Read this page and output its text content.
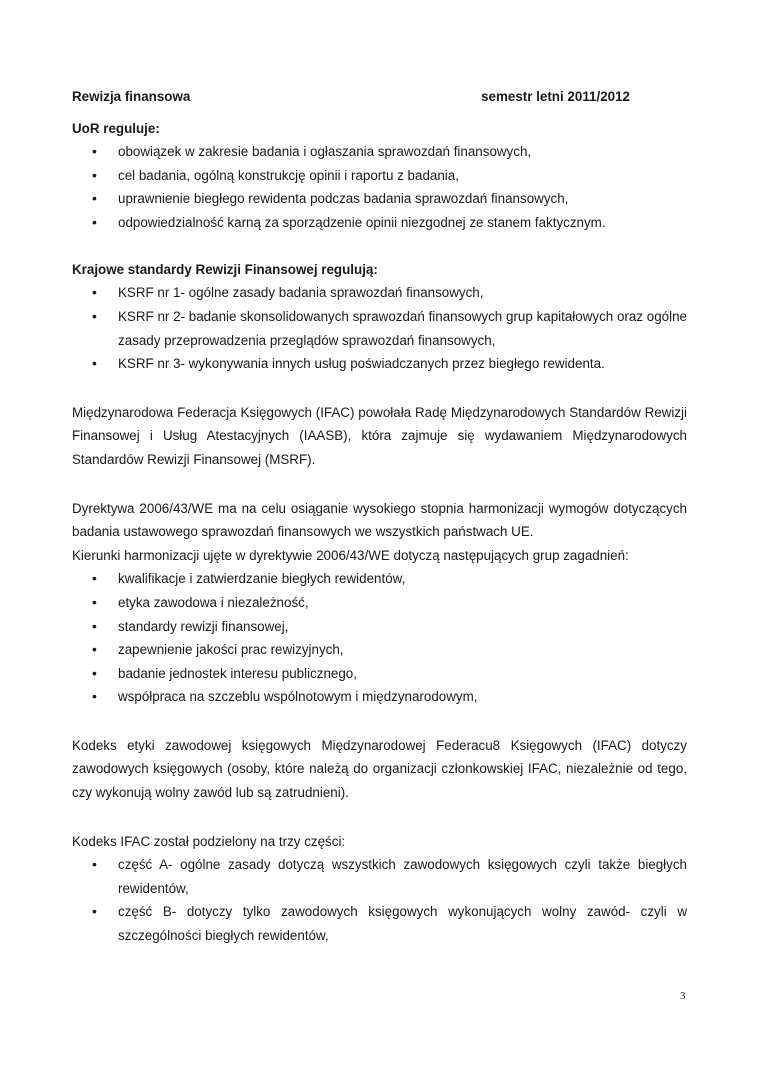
Rewizja finansowa	semestr letni 2011/2012
UoR reguluje:
• obowiązek w zakresie badania i ogłaszania sprawozdań finansowych,
• cel badania, ogólną konstrukcję opinii i raportu z badania,
• uprawnienie biegłego rewidenta podczas badania sprawozdań finansowych,
• odpowiedzialność karną za sporządzenie opinii niezgodnej ze stanem faktycznym.
Krajowe standardy Rewizji Finansowej regulują:
• KSRF nr 1- ogólne zasady badania sprawozdań finansowych,
• KSRF nr 2- badanie skonsolidowanych sprawozdań finansowych grup kapitałowych oraz ogólne zasady przeprowadzenia przeglądów sprawozdań finansowych,
• KSRF nr 3- wykonywania innych usług poświadczanych przez biegłego rewidenta.

Międzynarodowa Federacja Księgowych (IFAC) powołała Radę Międzynarodowych Standardów Rewizji Finansowej i Usług Atestacyjnych (IAASB), która zajmuje się wydawaniem Międzynarodowych Standardów Rewizji Finansowej (MSRF).

Dyrektywa 2006/43/WE ma na celu osiąganie wysokiego stopnia harmonizacji wymogów dotyczących badania ustawowego sprawozdań finansowych we wszystkich państwach UE.

Kierunki harmonizacji ujęte w dyrektywie 2006/43/WE dotyczą następujących grup zagadnień:

• kwalifikacje i zatwierdzanie biegłych rewidentów,
• etyka zawodowa i niezależność,
• standardy rewizji finansowej,
• zapewnienie jakości prac rewizyjnych,
• badanie jednostek interesu publicznego,
• współpraca na szczeblu wspólnotowym i międzynarodowym,

Kodeks etyki zawodowej księgowych Międzynarodowej Federacu8 Księgowych (IFAC) dotyczy zawodowych księgowych (osoby, które należą do organizacji członkowskiej IFAC, niezależnie od tego, czy wykonują wolny zawód lub są zatrudnieni).

Kodeks IFAC został podzielony na trzy części:

• część A- ogólne zasady dotyczą wszystkich zawodowych księgowych czyli także biegłych rewidentów,
• część B- dotyczy tylko zawodowych księgowych wykonujących wolny zawód- czyli w szczególności biegłych rewidentów,
3
